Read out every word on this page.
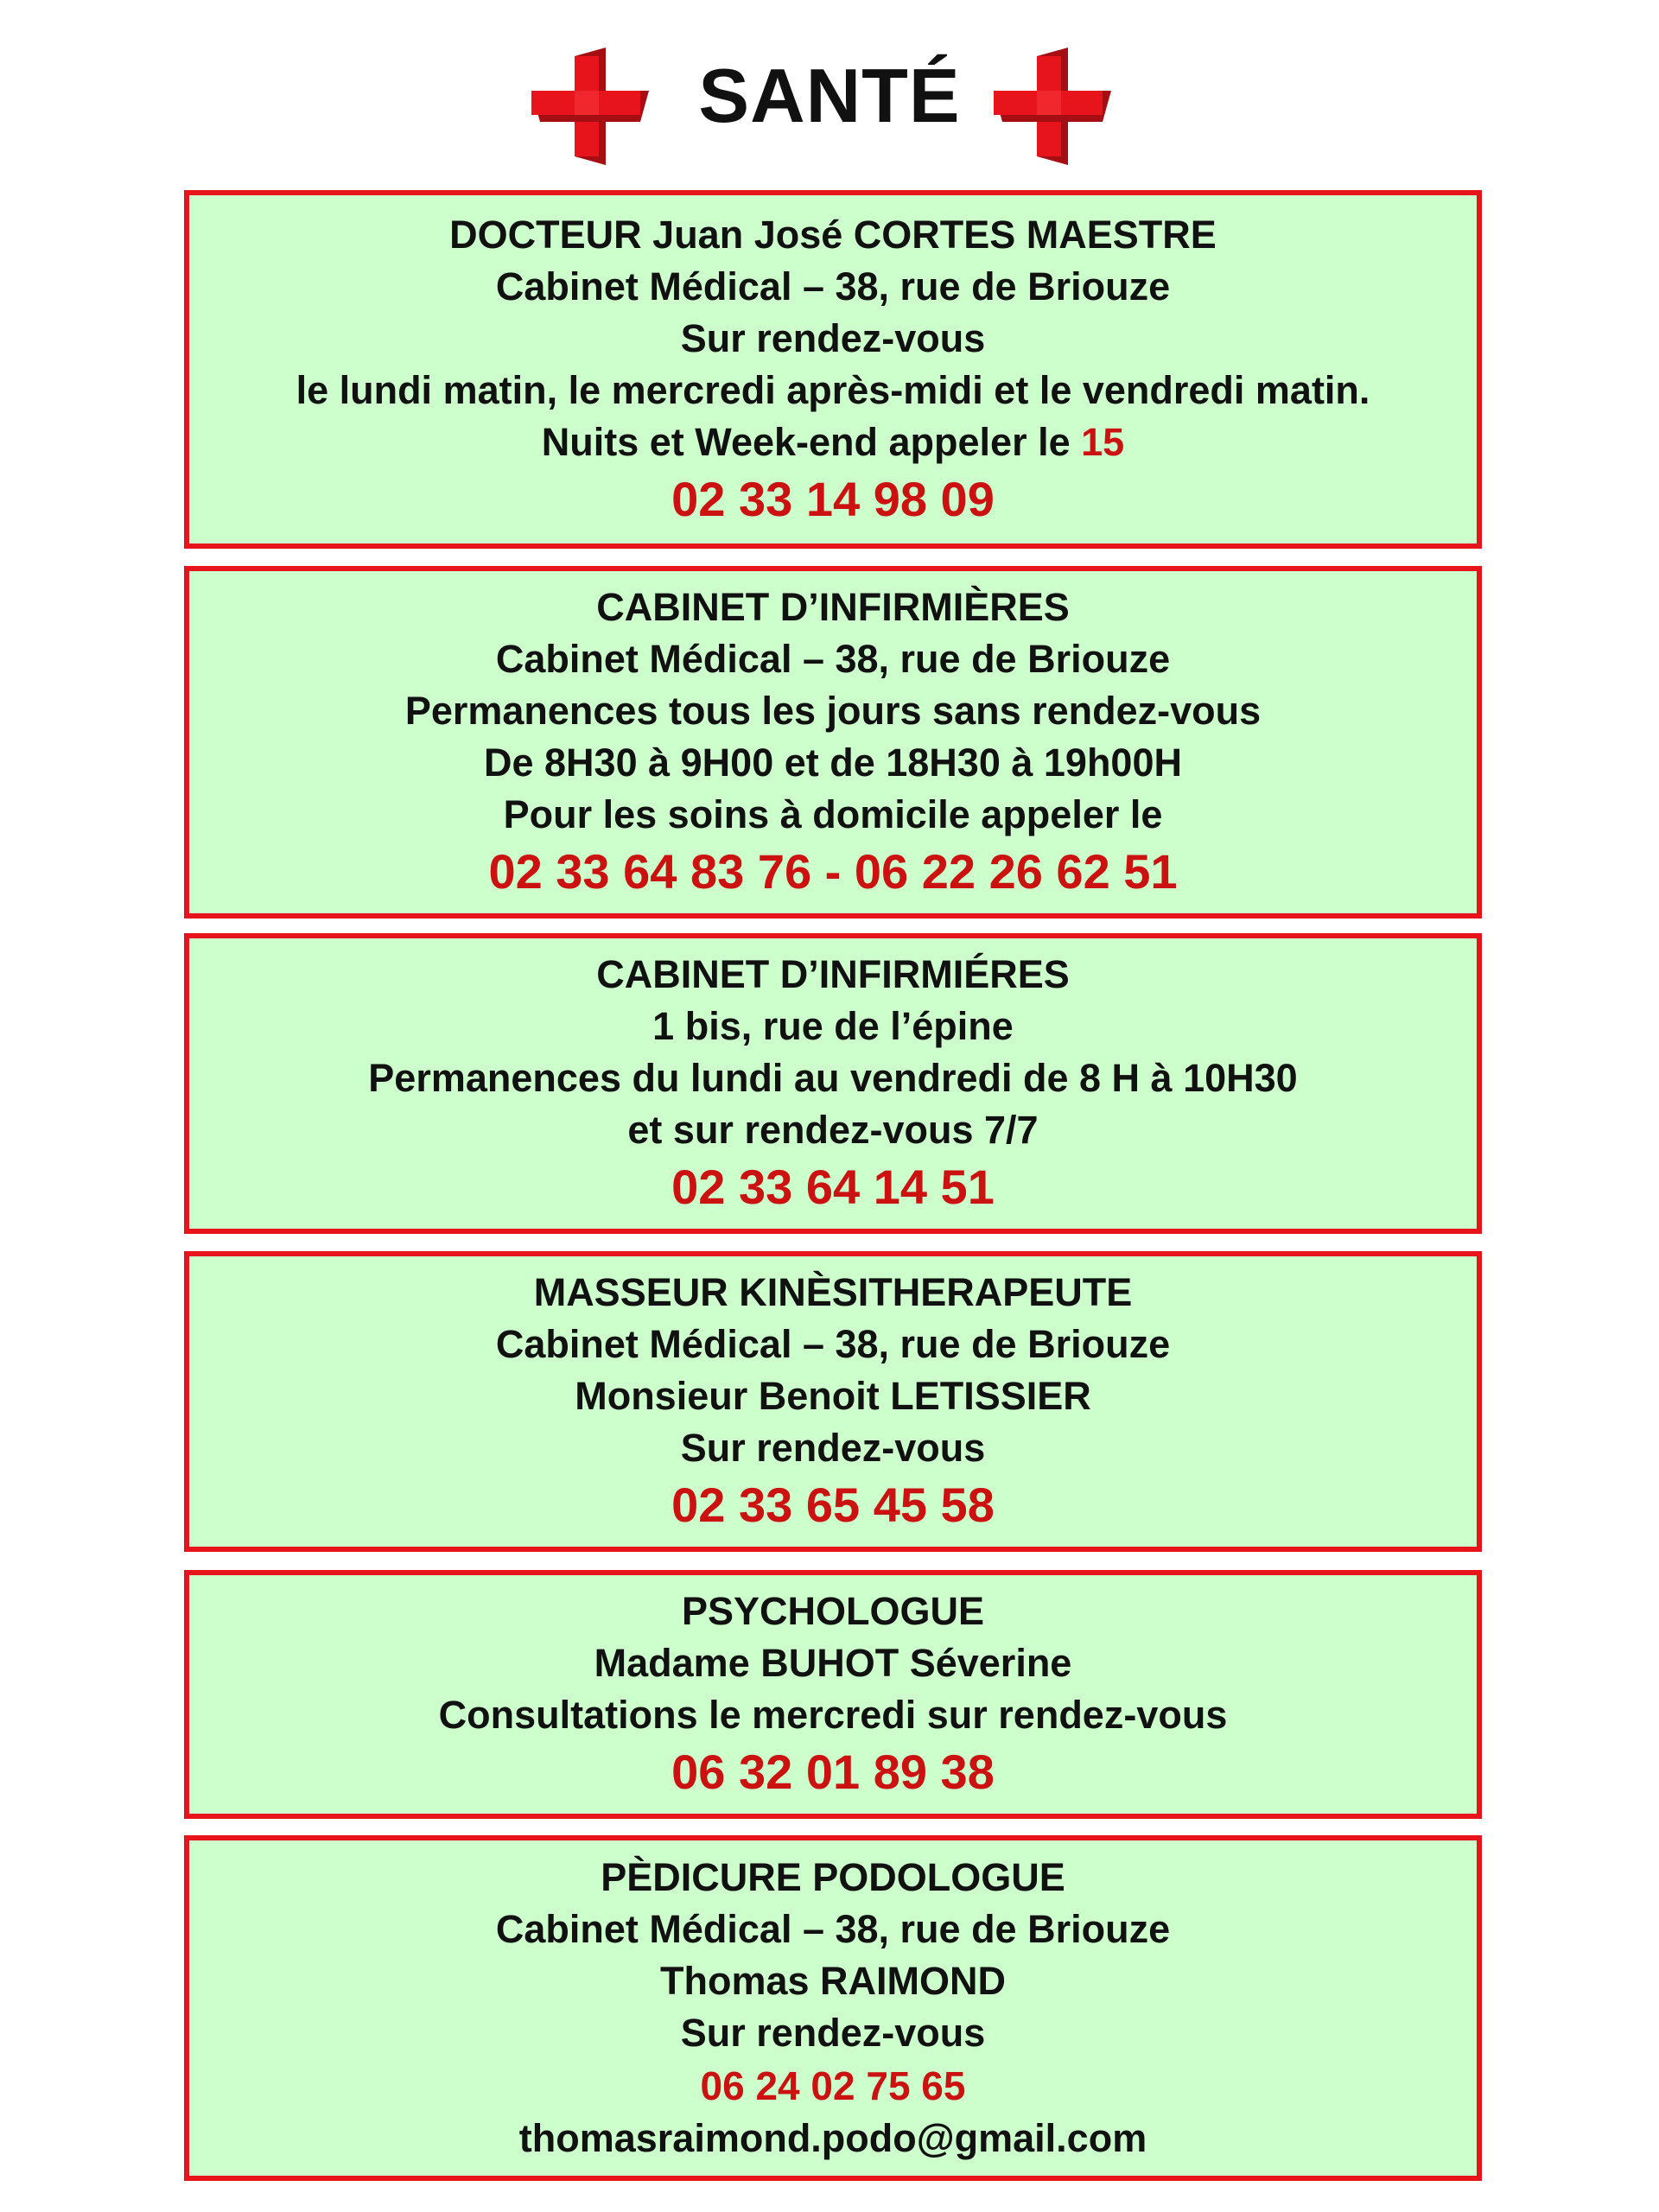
SANTÉ
DOCTEUR Juan José CORTES MAESTRE
Cabinet Médical – 38, rue de Briouze
Sur rendez-vous
le lundi matin, le mercredi après-midi et le vendredi matin.
Nuits et Week-end appeler le 15
02 33 14 98 09
CABINET D’INFIRMIÈRES
Cabinet Médical – 38, rue de Briouze
Permanences tous les jours sans rendez-vous
De 8H30 à 9H00 et de 18H30 à 19h00H
Pour les soins à domicile appeler le
02 33 64 83 76 - 06 22 26 62 51
CABINET D’INFIRMIÉRES
1 bis, rue de l’épine
Permanences du lundi au vendredi de 8 H à 10H30
et sur rendez-vous 7/7
02 33 64 14 51
MASSEUR KINÈSITHERAPEUTE
Cabinet Médical – 38, rue de Briouze
Monsieur Benoit LETISSIER
Sur rendez-vous
02 33 65 45 58
PSYCHOLOGUE
Madame BUHOT Séverine
Consultations le mercredi sur rendez-vous
06 32 01 89 38
PÈDICURE PODOLOGUE
Cabinet Médical – 38, rue de Briouze
Thomas RAIMOND
Sur rendez-vous
06 24 02 75 65
thomasraimond.podo@gmail.com
